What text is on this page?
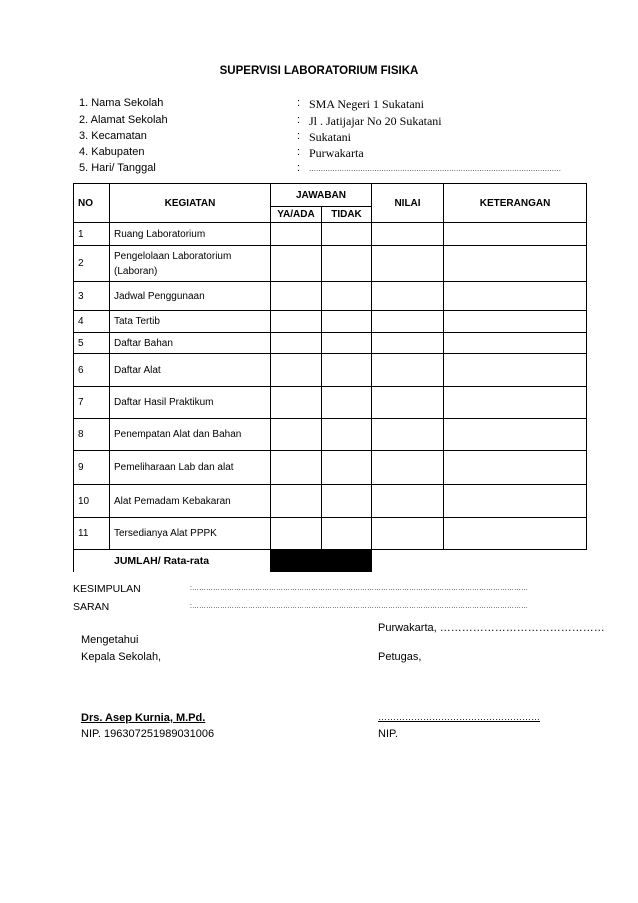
SUPERVISI LABORATORIUM FISIKA
1. Nama Sekolah	: SMA Negeri 1 Sukatani
2. Alamat Sekolah	: Jl . Jatijajar No 20 Sukatani
3. Kecamatan	: Sukatani
4. Kabupaten	: Purwakarta
5. Hari/ Tanggal	: ………………………………………………………………………………………………
NO	KEGIATAN	JAWABAN		NILAI	KETERANGAN
		YA/ADA	TIDAK		
1	Ruang Laboratorium				
2	Pengelolaan Laboratorium (Laboran)				
3	Jadwal Penggunaan				
4	Tata Tertib				
5	Daftar Bahan				
6	Daftar Alat				
7	Daftar Hasil Praktikum				
8	Penempatan Alat dan Bahan				
9	Pemeliharaan Lab dan alat				
10	Alat Pemadam Kebakaran				
11	Tersedianya Alat PPPK				
JUMLAH/ Rata-rata					
KESIMPULAN	:………………………………………………………………………………………………………………………………
SARAN	:………………………………………………………………………………………………………………………………
Purwakarta, ………………………………………
Mengetahui
Kepala Sekolah,	Petugas,
Drs. Asep Kurnia, M.Pd.	………………………………………………
NIP. 196307251989031006	NIP.
